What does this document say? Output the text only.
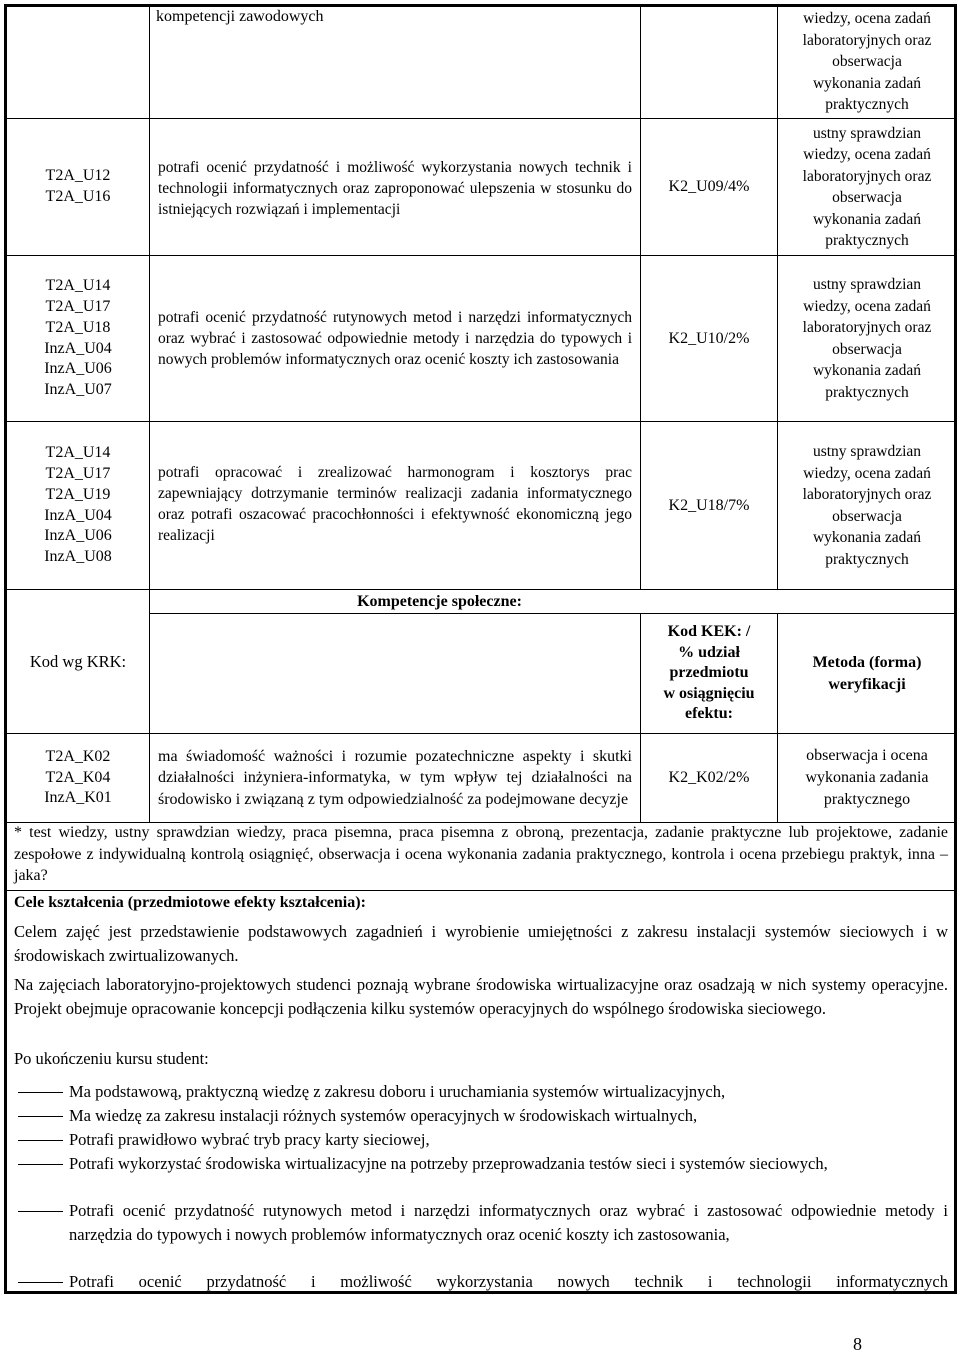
kompetencji zawodowych	wiedzy, ocena zadań
laboratoryjnych oraz
obserwacja
wykonania zadań
praktycznych
T2A_U12
T2A_U16

potrafi ocenić przydatność i możliwość wykorzystania nowych technik i technologii informatycznych oraz zaproponować ulepszenia w stosunku do istniejących rozwiązań i implementacji

K2_U09/4%
ustny sprawdzian
wiedzy, ocena zadań
laboratoryjnych oraz
obserwacja
wykonania zadań
praktycznych
T2A_U14
T2A_U17
T2A_U18
InzA_U04
InzA_U06
InzA_U07

potrafi ocenić przydatność rutynowych metod i narzędzi informatycznych oraz wybrać i zastosować odpowiednie metody i narzędzia do typowych i nowych problemów informatycznych oraz ocenić koszty ich zastosowania

K2_U10/2%
ustny sprawdzian
wiedzy, ocena zadań
laboratoryjnych oraz
obserwacja
wykonania zadań
praktycznych
T2A_U14
T2A_U17
T2A_U19
InzA_U04
InzA_U06
InzA_U08

potrafi opracować i zrealizować harmonogram i kosztorys prac zapewniający dotrzymanie terminów realizacji zadania informatycznego oraz potrafi oszacować pracochłonności i efektywność ekonomiczną jego realizacji

K2_U18/7%
ustny sprawdzian
wiedzy, ocena zadań
laboratoryjnych oraz
obserwacja
wykonania zadań
praktycznych
Kod wg KRK:
Kompetencje społeczne:
Kod KEK: /
% udział
przedmiotu
w osiągnięciu
efektu:
Metoda (forma)
weryfikacji
T2A_K02
T2A_K04
InzA_K01

ma świadomość ważności i rozumie pozatechniczne aspekty i skutki działalności inżyniera-informatyka, w tym wpływ tej działalności na środowisko i związaną z tym odpowiedzialność za podejmowane decyzje

K2_K02/2%
obserwacja i ocena
wykonania zadania
praktycznego
* test wiedzy, ustny sprawdzian wiedzy, praca pisemna, praca pisemna z obroną, prezentacja, zadanie praktyczne lub projektowe, zadanie zespołowe z indywidualną kontrolą osiągnięć, obserwacja i ocena wykonania zadania praktycznego, kontrola i ocena przebiegu praktyk, inna – jaka?
Cele kształcenia (przedmiotowe efekty kształcenia):
Celem zajęć jest przedstawienie podstawowych zagadnień i wyrobienie umiejętności z zakresu instalacji systemów sieciowych i w środowiskach zwirtualizowanych.
Na zajęciach laboratoryjno-projektowych studenci poznają wybrane środowiska wirtualizacyjne oraz osadzają w nich systemy operacyjne. Projekt obejmuje opracowanie koncepcji podłączenia kilku systemów operacyjnych do wspólnego środowiska sieciowego.
Po ukończeniu kursu student:
Ma podstawową, praktyczną wiedzę z zakresu doboru i uruchamiania systemów wirtualizacyjnych,
Ma wiedzę za zakresu instalacji różnych systemów operacyjnych w środowiskach wirtualnych,
Potrafi prawidłowo wybrać tryb pracy karty sieciowej,
Potrafi wykorzystać środowiska wirtualizacyjne na potrzeby przeprowadzania testów sieci i systemów sieciowych,
Potrafi ocenić przydatność rutynowych metod i narzędzi informatycznych oraz wybrać i zastosować odpowiednie metody i narzędzia do typowych i nowych problemów informatycznych oraz ocenić koszty ich zastosowania,
Potrafi ocenić przydatność i możliwość wykorzystania nowych technik i technologii informatycznych
8
